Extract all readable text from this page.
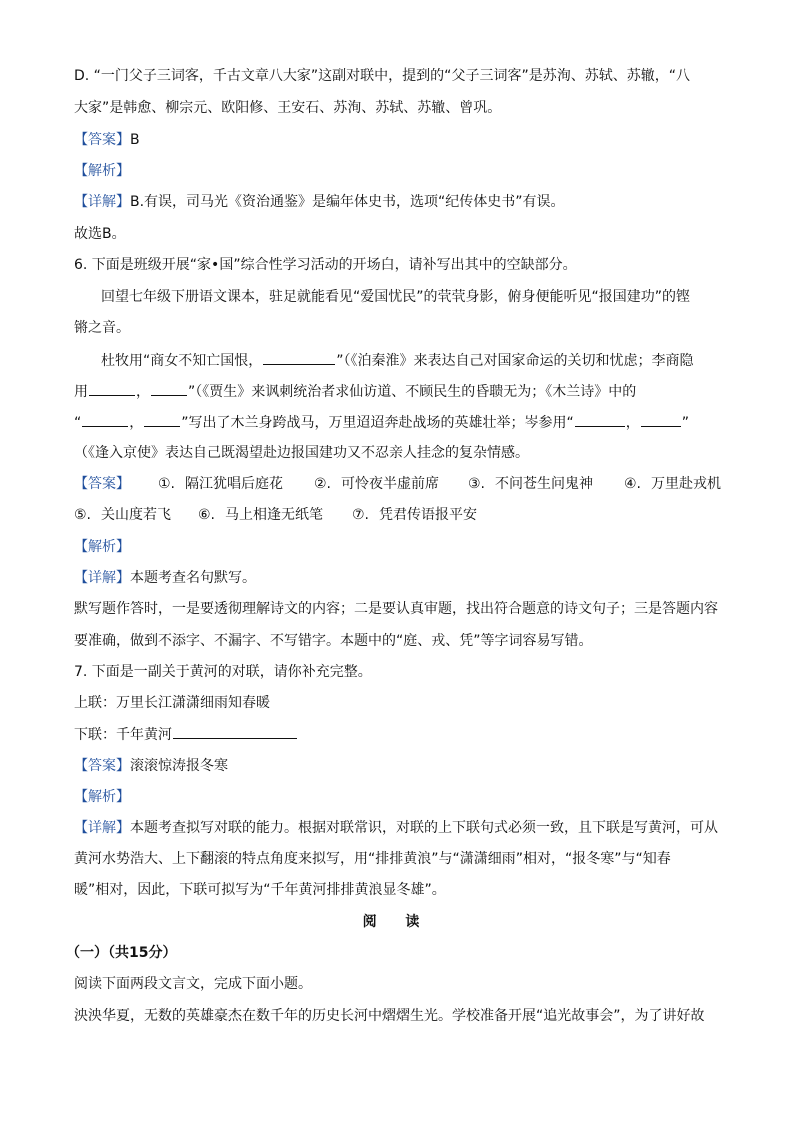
D. “一门父子三词客，千古文章八大家”这副对联中，提到的“父子三词客”是苏洵、苏轼、苏辙，“八
大家”是韩愈、柳宗元、欧阳修、王安石、苏洵、苏轼、苏辙、曾巩。
【答案】B
【解析】
【详解】B.有误，司马光《资治通鉴》是编年体史书，选项“纪传体史书”有误。
故选B。
6. 下面是班级开展“家•国”综合性学习活动的开场白，请补写出其中的空缺部分。
回望七年级下册语文课本，驻足就能看见“爱国忧民”的茕茕身影，俯身便能听见“报国建功”的铿
锵之音。
杜牧用“商女不知亡国恨，	”（《泊秦淮》来表达自己对国家命运的关切和忧虑；李商隐
用	，	”（《贾生》来讽刺统治者求仙访道、不顾民生的昏聩无为；《木兰诗》中的
“	，	”写出了木兰身跨战马，万里迢迢奔赴战场的英雄壮举；岑参用“	，	”
（《逢入京使》表达自己既渴望赴边报国建功又不忍亲人挂念的复杂情感。
【答案】 ①. 隔江犹唱后庭花 ②. 可怜夜半虚前席 ③. 不问苍生问鬼神 ④. 万里赴戎机
⑤. 关山度若飞 ⑥. 马上相逢无纸笔 ⑦. 凭君传语报平安
【解析】
【详解】本题考查名句默写。
默写题作答时，一是要透彻理解诗文的内容；二是要认真审题，找出符合题意的诗文句子；三是答题内容
要准确，做到不添字、不漏字、不写错字。本题中的“庭、戎、凭”等字词容易写错。
7. 下面是一副关于黄河的对联，请你补充完整。
上联：万里长江潇潇细雨知春暖
下联：千年黄河
【答案】滚滚惊涛报冬寒
【解析】
【详解】本题考查拟写对联的能力。根据对联常识，对联的上下联句式必须一致，且下联是写黄河，可从
黄河水势浩大、上下翻滚的特点角度来拟写，用“排排黄浪”与“潇潇细雨”相对，“报冬寒”与“知春
暖”相对，因此，下联可拟写为“千年黄河排排黄浪显冬雄”。
阅 读
（一）（共15分）
阅读下面两段文言文，完成下面小题。
泱泱华夏，无数的英雄豪杰在数千年的历史长河中熠熠生光。学校准备开展“追光故事会”，为了讲好故
